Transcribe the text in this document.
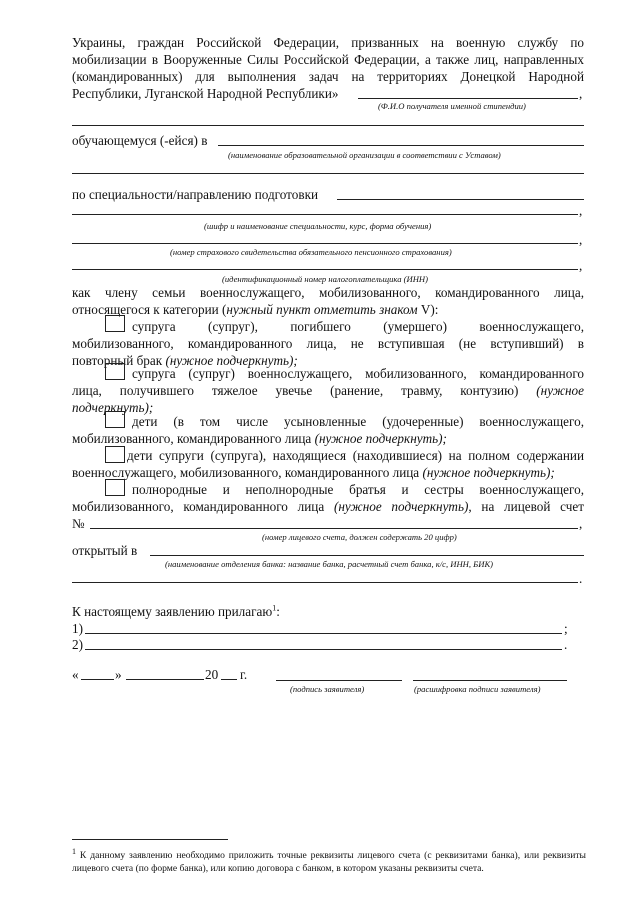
Украины, граждан Российской Федерации, призванных на военную службу по
мобилизации в Вооруженные Силы Российской Федерации, а также лиц, направленных
(командированных) для выполнения задач на территориях Донецкой Народной
Республики, Луганской Народной Республики»	,
(Ф.И.О получателя именной стипендии)
обучающемуся (-ейся) в
(наименование образовательной организации в соответствии с Уставом)
по специальности/направлению подготовки
,
(шифр и наименование специальности, курс, форма обучения)
,
(номер страхового свидетельства обязательного пенсионного страхования)
,
(идентификационный номер налогоплательщика (ИНН)
как члену семьи военнослужащего, мобилизованного, командированного лица,
относящегося к категории (нужный пункт отметить знаком V):
супруга (супруг), погибшего (умершего) военнослужащего,
мобилизованного, командированного лица, не вступившая (не вступивший) в
повторный брак (нужное подчеркнуть);
супруга (супруг) военнослужащего, мобилизованного, командированного
лица, получившего тяжелое увечье (ранение, травму, контузию) (нужное
подчеркнуть);
дети (в том числе усыновленные (удочеренные) военнослужащего,
мобилизованного, командированного лица (нужное подчеркнуть);
дети супруги (супруга), находящиеся (находившиеся) на полном содержании
военнослужащего, мобилизованного, командированного лица (нужное подчеркнуть);
полнородные и неполнородные братья и сестры военнослужащего,
мобилизованного, командированного лица (нужное подчеркнуть), на лицевой счет
№	,
(номер лицевого счета, должен содержать 20 цифр)
открытый в
(наименование отделения банка: название банка, расчетный счет банка, к/с, ИНН, БИК)
.
К настоящему заявлению прилагаю$^1$:
1)	;
2)	.
«	»	20 г.
(подпись заявителя)	(расшифровка подписи заявителя)
$^1$ К данному заявлению необходимо приложить точные реквизиты лицевого счета (с реквизитами банка), или реквизиты лицевого счета (по форме банка), или копию договора с банком, в котором указаны реквизиты счета.
